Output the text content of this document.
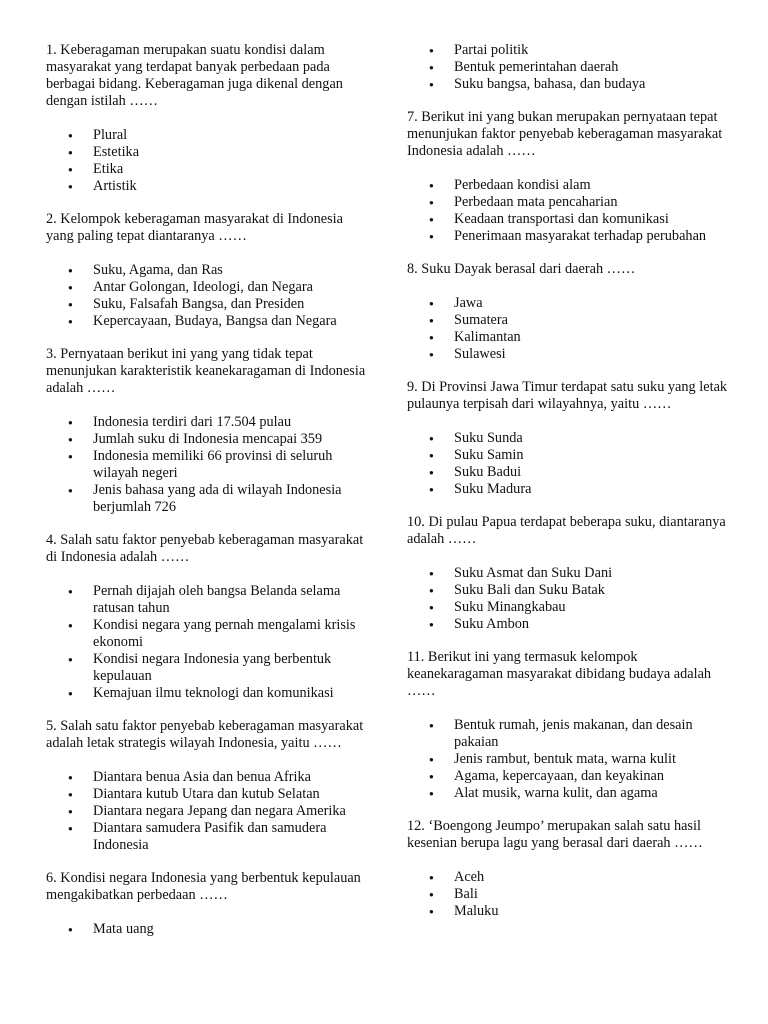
1. Keberagaman merupakan suatu kondisi dalam masyarakat yang terdapat banyak perbedaan pada berbagai bidang. Keberagaman juga dikenal dengan dengan istilah ……
● Plural
● Estetika
● Etika
● Artistik
2. Kelompok keberagaman masyarakat di Indonesia yang paling tepat diantaranya ……
● Suku, Agama, dan Ras
● Antar Golongan, Ideologi, dan Negara
● Suku, Falsafah Bangsa, dan Presiden
● Kepercayaan, Budaya, Bangsa dan Negara
3. Pernyataan berikut ini yang yang tidak tepat menunjukan karakteristik keanekaragaman di Indonesia adalah ……
● Indonesia terdiri dari 17.504 pulau
● Jumlah suku di Indonesia mencapai 359
● Indonesia memiliki 66 provinsi di seluruh wilayah negeri
● Jenis bahasa yang ada di wilayah Indonesia berjumlah 726
4. Salah satu faktor penyebab keberagaman masyarakat di Indonesia adalah ……
● Pernah dijajah oleh bangsa Belanda selama ratusan tahun
● Kondisi negara yang pernah mengalami krisis ekonomi
● Kondisi negara Indonesia yang berbentuk kepulauan
● Kemajuan ilmu teknologi dan komunikasi
5. Salah satu faktor penyebab keberagaman masyarakat adalah letak strategis wilayah Indonesia, yaitu ……
● Diantara benua Asia dan benua Afrika
● Diantara kutub Utara dan kutub Selatan
● Diantara negara Jepang dan negara Amerika
● Diantara samudera Pasifik dan samudera Indonesia
6. Kondisi negara Indonesia yang berbentuk kepulauan mengakibatkan perbedaan ……
● Mata uang
● Partai politik
● Bentuk pemerintahan daerah
● Suku bangsa, bahasa, dan budaya
7. Berikut ini yang bukan merupakan pernyataan tepat menunjukan faktor penyebab keberagaman masyarakat Indonesia adalah ……
● Perbedaan kondisi alam
● Perbedaan mata pencaharian
● Keadaan transportasi dan komunikasi
● Penerimaan masyarakat terhadap perubahan
8. Suku Dayak berasal dari daerah ……
● Jawa
● Sumatera
● Kalimantan
● Sulawesi
9. Di Provinsi Jawa Timur terdapat satu suku yang letak pulaunya terpisah dari wilayahnya, yaitu ……
● Suku Sunda
● Suku Samin
● Suku Badui
● Suku Madura
10. Di pulau Papua terdapat beberapa suku, diantaranya adalah ……
● Suku Asmat dan Suku Dani
● Suku Bali dan Suku Batak
● Suku Minangkabau
● Suku Ambon
11. Berikut ini yang termasuk kelompok keanekaragaman masyarakat dibidang budaya adalah ……
● Bentuk rumah, jenis makanan, dan desain pakaian
● Jenis rambut, bentuk mata, warna kulit
● Agama, kepercayaan, dan keyakinan
● Alat musik, warna kulit, dan agama
12. ‘Boengong Jeumpo’ merupakan salah satu hasil kesenian berupa lagu yang berasal dari daerah ……
● Aceh
● Bali
● Maluku
